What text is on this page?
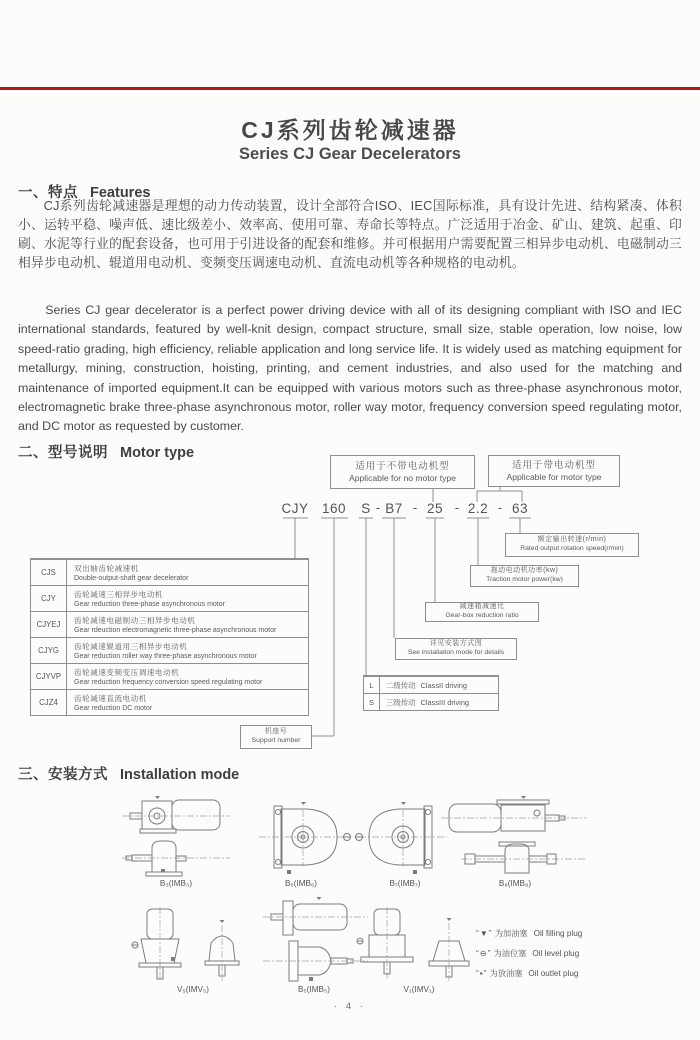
CJ系列齿轮减速器
Series CJ Gear Decelerators
一、特点 Features
CJ系列齿轮减速器是理想的动力传动装置，设计全部符合ISO、IEC国际标准，具有设计先进、结构紧凑、体积小、运转平稳、噪声低、速比级差小、效率高、使用可靠、寿命长等特点。广泛适用于冶金、矿山、建筑、起重、印刷、水泥等行业的配套设备，也可用于引进设备的配套和维修。并可根据用户需要配置三相异步电动机、电磁制动三相异步电动机、辊道用电动机、变频变压调速电动机、直流电动机等各种规格的电动机。
Series CJ gear decelerator is a perfect power driving device with all of its designing compliant with ISO and IEC international standards, featured by well-knit design, compact structure, small size, stable operation, low noise, low speed-ratio grading, high efficiency, reliable application and long service life. It is widely used as matching equipment for metallurgy, mining, construction, hoisting, printing, and cement industries, and also used for the matching and maintenance of imported equipment.It can be equipped with various motors such as three-phase asynchronous motor, electromagnetic brake three-phase asynchronous motor, roller way motor, frequency conversion speed regulating motor, and DC motor as requested by customer.
二、型号说明 Motor type
适用于不带电动机型
Applicable for no motor type
适用于带电动机型
Applicable for motor type
CJY 160 S B7 25 2.2 63
-	-	-	-
额定输出转速(r/min)
Rated output rotation speed(r/min)
拖动电动机功率(kw)
Traction motor power(kw)
减速箱减速比
Gear-box reduction ratio
详见安装方式图
See installation mode for details
机座号
Support number
L	二级传动 ClassII driving
S	三级传动 ClassIII driving
CJS	双出轴齿轮减速机
Double-output-shaft gear decelerator
CJY	齿轮减速三相异步电动机
Gear reduction three-phase asynchronous motor
CJYEJ	齿轮减速电磁制动三相异步电动机
Gear rdeuction electromagnetic three-phase asynchronous motor
CJYG	齿轮减速辊道用三相异步电动机
Gear reduction roller way three-phase asynchronous motor
CJYVP	齿轮减速变频变压调速电动机
Gear reduction frequency conversion speed regulating motor
CJZ4	齿轮减速直流电动机
Gear reduction DC motor
三、安装方式 Installation mode
B₃(IMB₃)	B₆(IMB₆)	B₇(IMB₇)	B₈(IMB₈)
V₅(IMV₅)	B₅(IMB₅)	V₁(IMV₁)
“▼” 为加油塞 Oil filling plug
“⊖” 为油位塞 Oil level plug
“▪” 为放油塞 Oil outlet plug
· 4 ·
